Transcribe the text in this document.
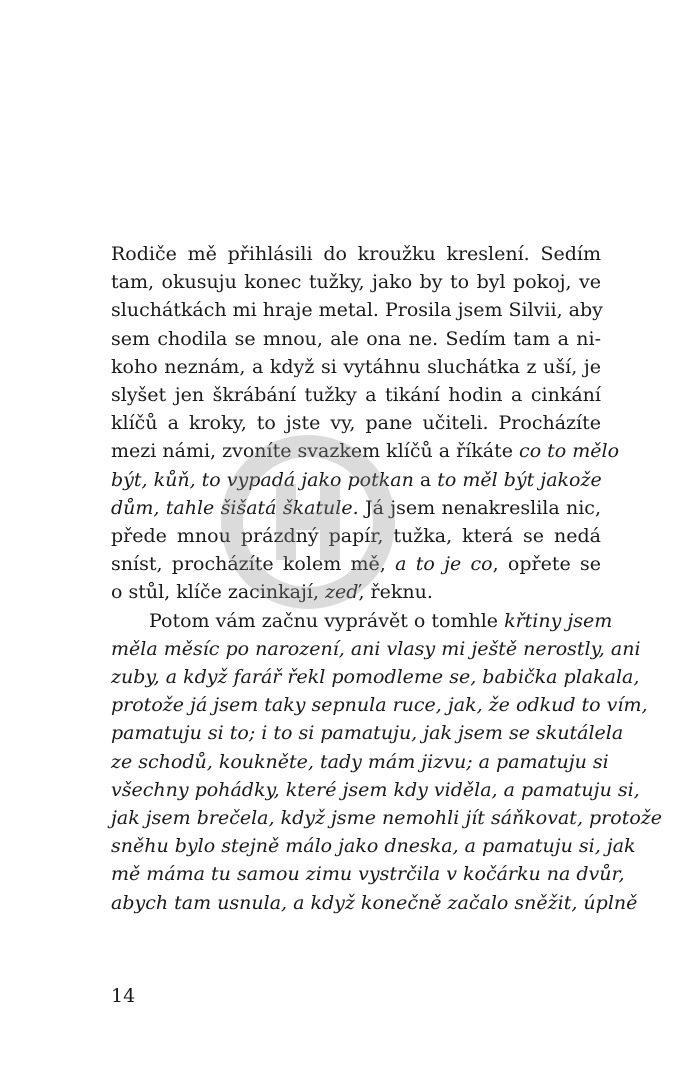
Rodiče mě přihlásili do kroužku kreslení. Sedím
tam, okusuju konec tužky, jako by to byl pokoj, ve
sluchátkách mi hraje metal. Prosila jsem Silvii, aby
sem chodila se mnou, ale ona ne. Sedím tam a ni-
koho neznám, a když si vytáhnu sluchátka z uší, je
slyšet jen škrábání tužky a tikání hodin a cinkání
klíčů a kroky, to jste vy, pane učiteli. Procházíte
mezi námi, zvoníte svazkem klíčů a říkáte co to mělo
být, kůň, to vypadá jako potkan a to měl být jakože
dům, tahle šišatá škatule. Já jsem nenakreslila nic,
přede mnou prázdný papír, tužka, která se nedá
sníst, procházíte kolem mě, a to je co, opřete se
o stůl, klíče zacinkají, zeď, řeknu.
Potom vám začnu vyprávět o tomhle křtiny jsem
měla měsíc po narození, ani vlasy mi ještě nerostly, ani
zuby, a když farář řekl pomodleme se, babička plakala,
protože já jsem taky sepnula ruce, jak, že odkud to vím,
pamatuju si to; i to si pamatuju, jak jsem se skutálela
ze schodů, koukněte, tady mám jizvu; a pamatuju si
všechny pohádky, které jsem kdy viděla, a pamatuju si,
jak jsem brečela, když jsme nemohli jít sáňkovat, protože
sněhu bylo stejně málo jako dneska, a pamatuju si, jak
mě máma tu samou zimu vystrčila v kočárku na dvůr,
abych tam usnula, a když konečně začalo sněžit, úplně
14
